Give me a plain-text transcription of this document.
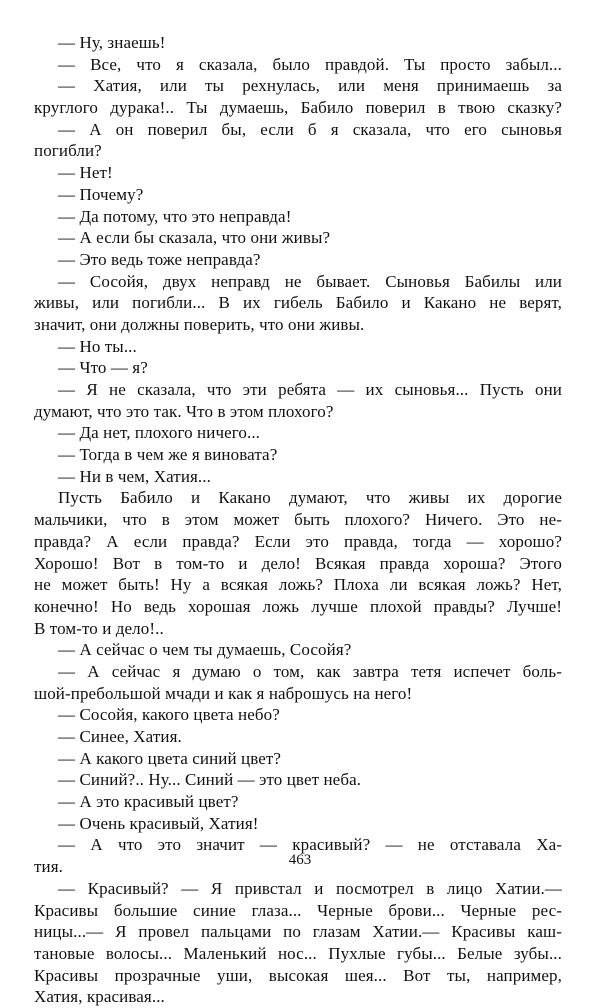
— Ну, знаешь!
— Все, что я сказала, было правдой. Ты просто забыл...
— Хатия, или ты рехнулась, или меня принимаешь за
круглого дурака!.. Ты думаешь, Бабило поверил в твою сказку?
— А он поверил бы, если б я сказала, что его сыновья
погибли?
— Нет!
— Почему?
— Да потому, что это неправда!
— А если бы сказала, что они живы?
— Это ведь тоже неправда?
— Сосойя, двух неправд не бывает. Сыновья Бабилы или
живы, или погибли... В их гибель Бабило и Какано не верят,
значит, они должны поверить, что они живы.
— Но ты...
— Что — я?
— Я не сказала, что эти ребята — их сыновья... Пусть они
думают, что это так. Что в этом плохого?
— Да нет, плохого ничего...
— Тогда в чем же я виновата?
— Ни в чем, Хатия...
Пусть Бабило и Какано думают, что живы их дорогие
мальчики, что в этом может быть плохого? Ничего. Это не-
правда? А если правда? Если это правда, тогда — хорошо?
Хорошо! Вот в том-то и дело! Всякая правда хороша? Этого
не может быть! Ну а всякая ложь? Плоха ли всякая ложь? Нет,
конечно! Но ведь хорошая ложь лучше плохой правды? Лучше!
В том-то и дело!..
— А сейчас о чем ты думаешь, Сосойя?
— А сейчас я думаю о том, как завтра тетя испечет боль-
шой-пребольшой мчади и как я наброшусь на него!
— Сосойя, какого цвета небо?
— Синее, Хатия.
— А какого цвета синий цвет?
— Синий?.. Ну... Синий — это цвет неба.
— А это красивый цвет?
— Очень красивый, Хатия!
— А что это значит — красивый? — не отставала Ха-
тия.
— Красивый? — Я привстал и посмотрел в лицо Хатии.—
Красивы большие синие глаза... Черные брови... Черные рес-
ницы...— Я провел пальцами по глазам Хатии.— Красивы каш-
тановые волосы... Маленький нос... Пухлые губы... Белые зубы...
Красивы прозрачные уши, высокая шея... Вот ты, например,
Хатия, красивая...
463
